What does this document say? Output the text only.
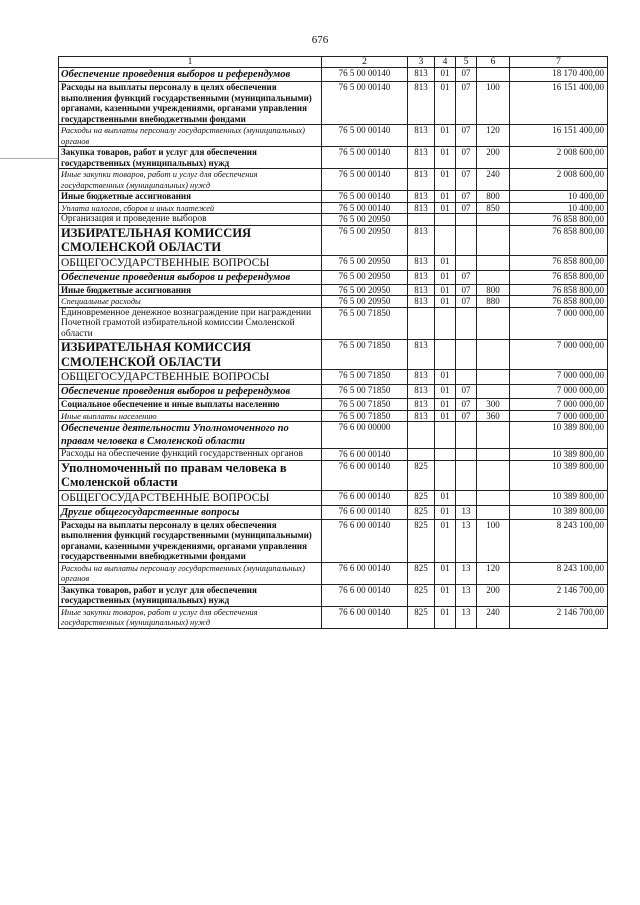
676
1	2	3	4	5	6	7
Обеспечение проведения выборов и референдумов	76 5 00 00140	813	01	07		18 170 400,00
Расходы на выплаты персоналу в целях обеспечения выполнения функций государственными (муниципальными) органами, казенными учреждениями, органами управления государственными внебюджетными фондами	76 5 00 00140	813	01	07	100	16 151 400,00
Расходы на выплаты персоналу государственных (муниципальных) органов	76 5 00 00140	813	01	07	120	16 151 400,00
Закупка товаров, работ и услуг для обеспечения государственных (муниципальных) нужд	76 5 00 00140	813	01	07	200	2 008 600,00
Иные закупки товаров, работ и услуг для обеспечения государственных (муниципальных) нужд	76 5 00 00140	813	01	07	240	2 008 600,00
Иные бюджетные ассигнования	76 5 00 00140	813	01	07	800	10 400,00
Уплата налогов, сборов и иных платежей	76 5 00 00140	813	01	07	850	10 400,00
Организация и проведение выборов	76 5 00 20950					76 858 800,00
ИЗБИРАТЕЛЬНАЯ КОМИССИЯ СМОЛЕНСКОЙ ОБЛАСТИ	76 5 00 20950	813				76 858 800,00
ОБЩЕГОСУДАРСТВЕННЫЕ ВОПРОСЫ	76 5 00 20950	813	01			76 858 800,00
Обеспечение проведения выборов и референдумов	76 5 00 20950	813	01	07		76 858 800,00
Иные бюджетные ассигнования	76 5 00 20950	813	01	07	800	76 858 800,00
Специальные расходы	76 5 00 20950	813	01	07	880	76 858 800,00
Единовременное денежное вознаграждение при награждении Почетной грамотой избирательной комиссии Смоленской области	76 5 00 71850					7 000 000,00
ИЗБИРАТЕЛЬНАЯ КОМИССИЯ СМОЛЕНСКОЙ ОБЛАСТИ	76 5 00 71850	813				7 000 000,00
ОБЩЕГОСУДАРСТВЕННЫЕ ВОПРОСЫ	76 5 00 71850	813	01			7 000 000,00
Обеспечение проведения выборов и референдумов	76 5 00 71850	813	01	07		7 000 000,00
Социальное обеспечение и иные выплаты населению	76 5 00 71850	813	01	07	300	7 000 000,00
Иные выплаты населению	76 5 00 71850	813	01	07	360	7 000 000,00
Обеспечение деятельности Уполномоченного по правам человека в Смоленской области	76 6 00 00000					10 389 800,00
Расходы на обеспечение функций государственных органов	76 6 00 00140					10 389 800,00
Уполномоченный по правам человека в Смоленской области	76 6 00 00140	825				10 389 800,00
ОБЩЕГОСУДАРСТВЕННЫЕ ВОПРОСЫ	76 6 00 00140	825	01			10 389 800,00
Другие общегосударственные вопросы	76 6 00 00140	825	01	13		10 389 800,00
Расходы на выплаты персоналу в целях обеспечения выполнения функций государственными (муниципальными) органами, казенными учреждениями, органами управления государственными внебюджетными фондами	76 6 00 00140	825	01	13	100	8 243 100,00
Расходы на выплаты персоналу государственных (муниципальных) органов	76 6 00 00140	825	01	13	120	8 243 100,00
Закупка товаров, работ и услуг для обеспечения государственных (муниципальных) нужд	76 6 00 00140	825	01	13	200	2 146 700,00
Иные закупки товаров, работ и услуг для обеспечения государственных (муниципальных) нужд	76 6 00 00140	825	01	13	240	2 146 700,00
